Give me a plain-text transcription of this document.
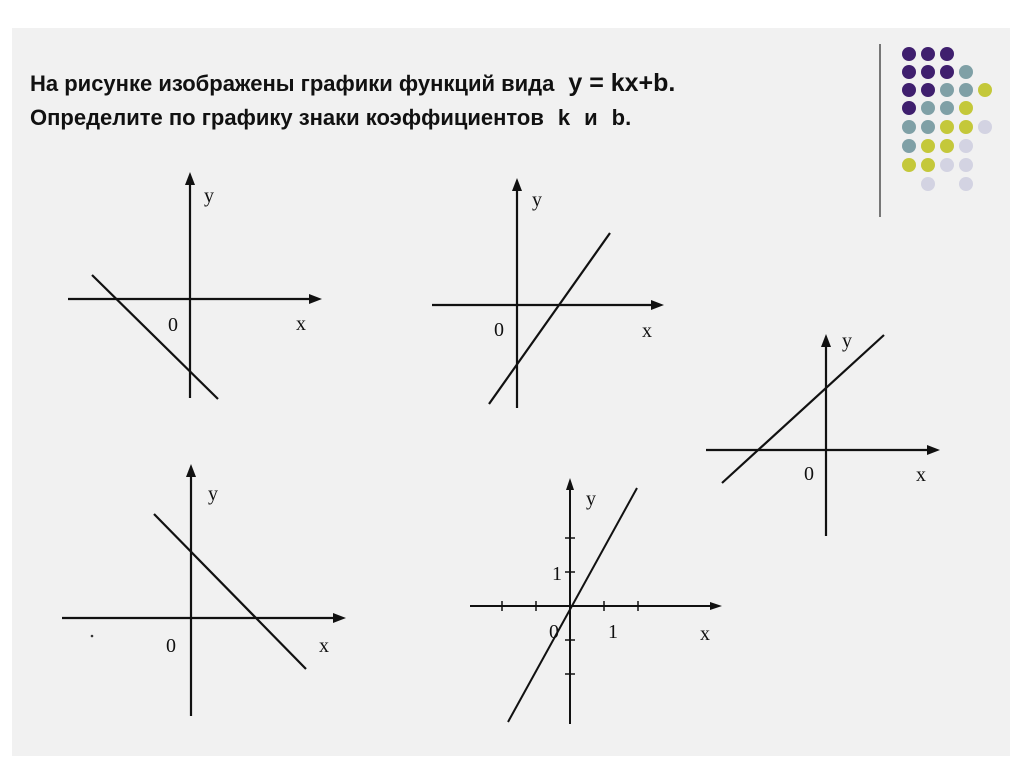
На рисунке изображены графики функций вида y = kx+b.
Определите по графику знаки коэффициентов k и b.
y
x
0
y
x
0	y
x
0
y
x
0
y
x
0 1
1
